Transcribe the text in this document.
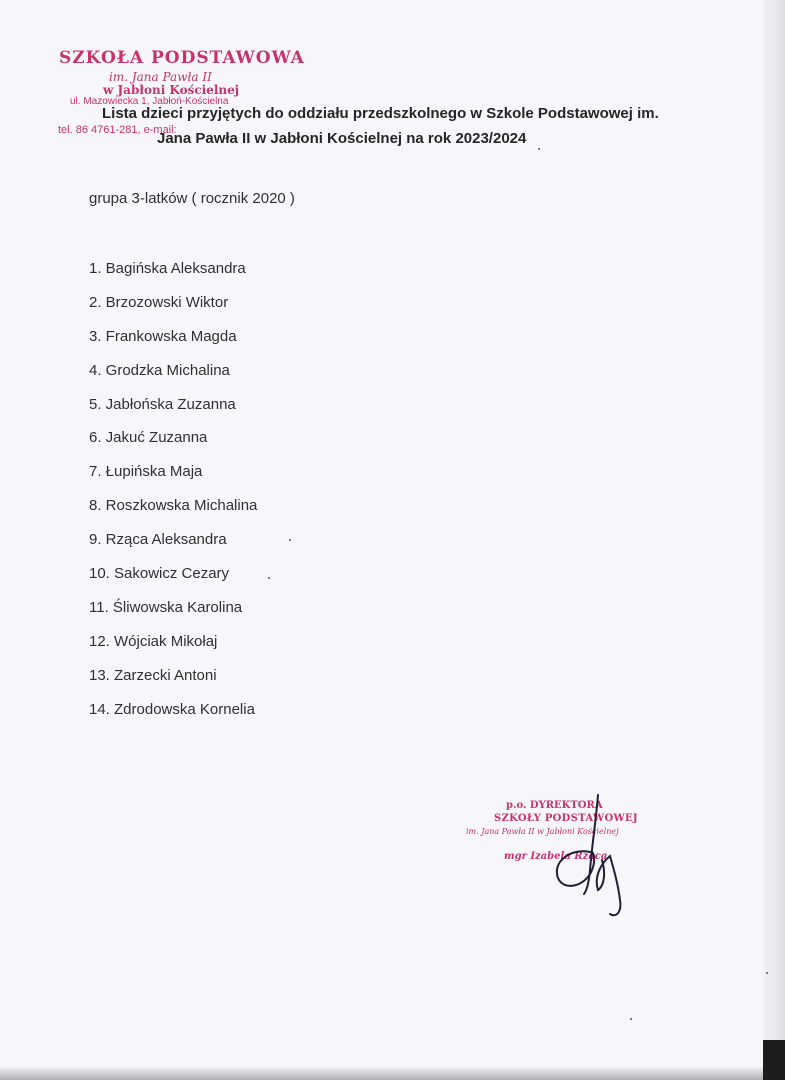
SZKOŁA PODSTAWOWA
im. Jana Pawła II
w Jabłoni Kościelnej
ul. Mazowiecka 1, Jabłoń-Kościelna
tel. 86 4761-281, e-mail:
Lista dzieci przyjętych do oddziału przedszkolnego w Szkole Podstawowej im.
Jana Pawła II w Jabłoni Kościelnej na rok 2023/2024
grupa 3-latków ( rocznik 2020 )
1. Bagińska Aleksandra
2. Brzozowski Wiktor
3. Frankowska Magda
4. Grodzka Michalina
5. Jabłońska Zuzanna
6. Jakuć Zuzanna
7. Łupińska Maja
8. Roszkowska Michalina
9. Rząca Aleksandra
10. Sakowicz Cezary
11. Śliwowska Karolina
12. Wójciak Mikołaj
13. Zarzecki Antoni
14. Zdrodowska Kornelia
p.o. DYREKTORA
SZKOŁY PODSTAWOWEJ
im. Jana Pawła II w Jabłoni Kościelnej
mgr Izabela Rząca
